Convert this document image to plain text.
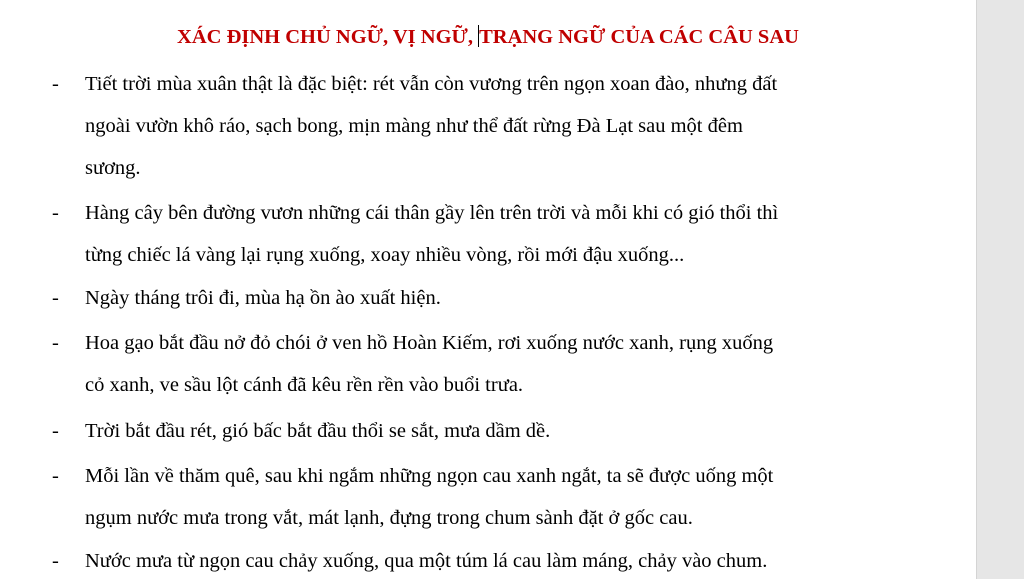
XÁC ĐỊNH CHỦ NGỮ, VỊ NGỮ, TRẠNG NGỮ CỦA CÁC CÂU SAU
- Tiết trời mùa xuân thật là đặc biệt: rét vẫn còn vương trên ngọn xoan đào, nhưng đất
ngoài vườn khô ráo, sạch bong, mịn màng như thể đất rừng Đà Lạt sau một đêm
sương.
- Hàng cây bên đường vươn những cái thân gầy lên trên trời và mỗi khi có gió thổi thì
từng chiếc lá vàng lại rụng xuống, xoay nhiều vòng, rồi mới đậu xuống...
- Ngày tháng trôi đi, mùa hạ ồn ào xuất hiện.
- Hoa gạo bắt đầu nở đỏ chói ở ven hồ Hoàn Kiếm, rơi xuống nước xanh, rụng xuống
cỏ xanh, ve sầu lột cánh đã kêu rền rền vào buổi trưa.
- Trời bắt đầu rét, gió bấc bắt đầu thổi se sắt, mưa dầm dề.
- Mỗi lần về thăm quê, sau khi ngắm những ngọn cau xanh ngắt, ta sẽ được uống một
ngụm nước mưa trong vắt, mát lạnh, đựng trong chum sành đặt ở gốc cau.
- Nước mưa từ ngọn cau chảy xuống, qua một túm lá cau làm máng, chảy vào chum.
